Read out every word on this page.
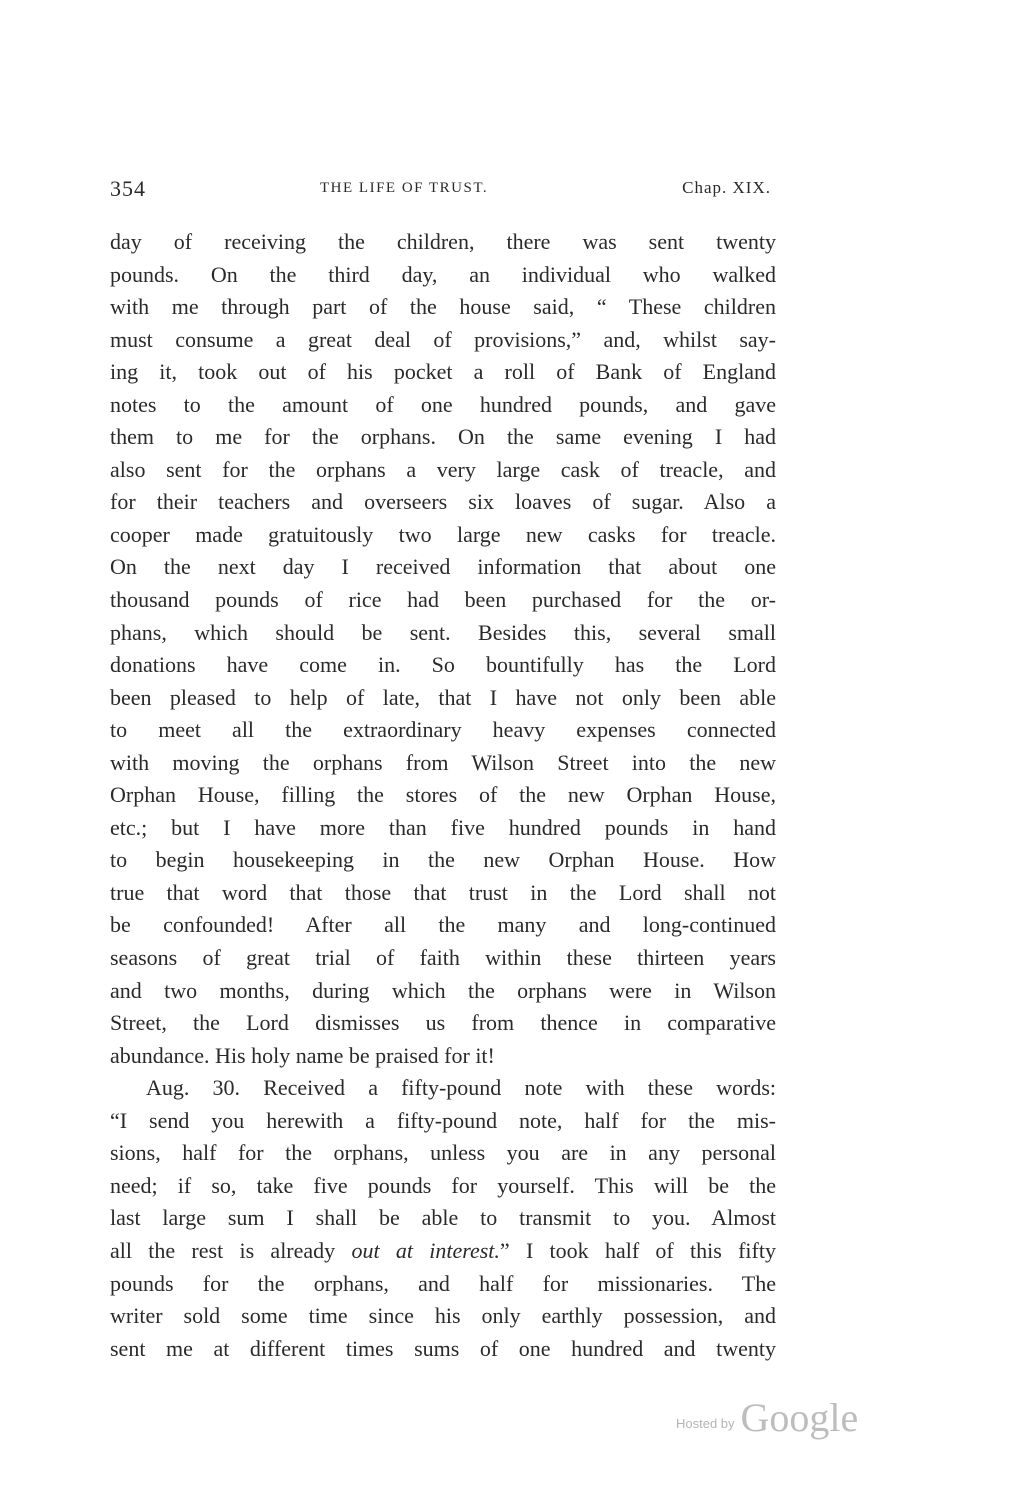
354	THE LIFE OF TRUST.	Chap. XIX.
day of receiving the children, there was sent twenty
pounds. On the third day, an individual who walked
with me through part of the house said, “ These children
must consume a great deal of provisions,” and, whilst say-
ing it, took out of his pocket a roll of Bank of England
notes to the amount of one hundred pounds, and gave
them to me for the orphans. On the same evening I had
also sent for the orphans a very large cask of treacle, and
for their teachers and overseers six loaves of sugar. Also a
cooper made gratuitously two large new casks for treacle.
On the next day I received information that about one
thousand pounds of rice had been purchased for the or-
phans, which should be sent. Besides this, several small
donations have come in. So bountifully has the Lord
been pleased to help of late, that I have not only been able
to meet all the extraordinary heavy expenses connected
with moving the orphans from Wilson Street into the new
Orphan House, filling the stores of the new Orphan House,
etc.; but I have more than five hundred pounds in hand
to begin housekeeping in the new Orphan House. How
true that word that those that trust in the Lord shall not
be confounded! After all the many and long-continued
seasons of great trial of faith within these thirteen years
and two months, during which the orphans were in Wilson
Street, the Lord dismisses us from thence in comparative
abundance. His holy name be praised for it!
Aug. 30. Received a fifty-pound note with these words:
“I send you herewith a fifty-pound note, half for the mis-
sions, half for the orphans, unless you are in any personal
need; if so, take five pounds for yourself. This will be the
last large sum I shall be able to transmit to you. Almost
all the rest is already out at interest.” I took half of this fifty
pounds for the orphans, and half for missionaries. The
writer sold some time since his only earthly possession, and
sent me at different times sums of one hundred and twenty
Hosted by Google
